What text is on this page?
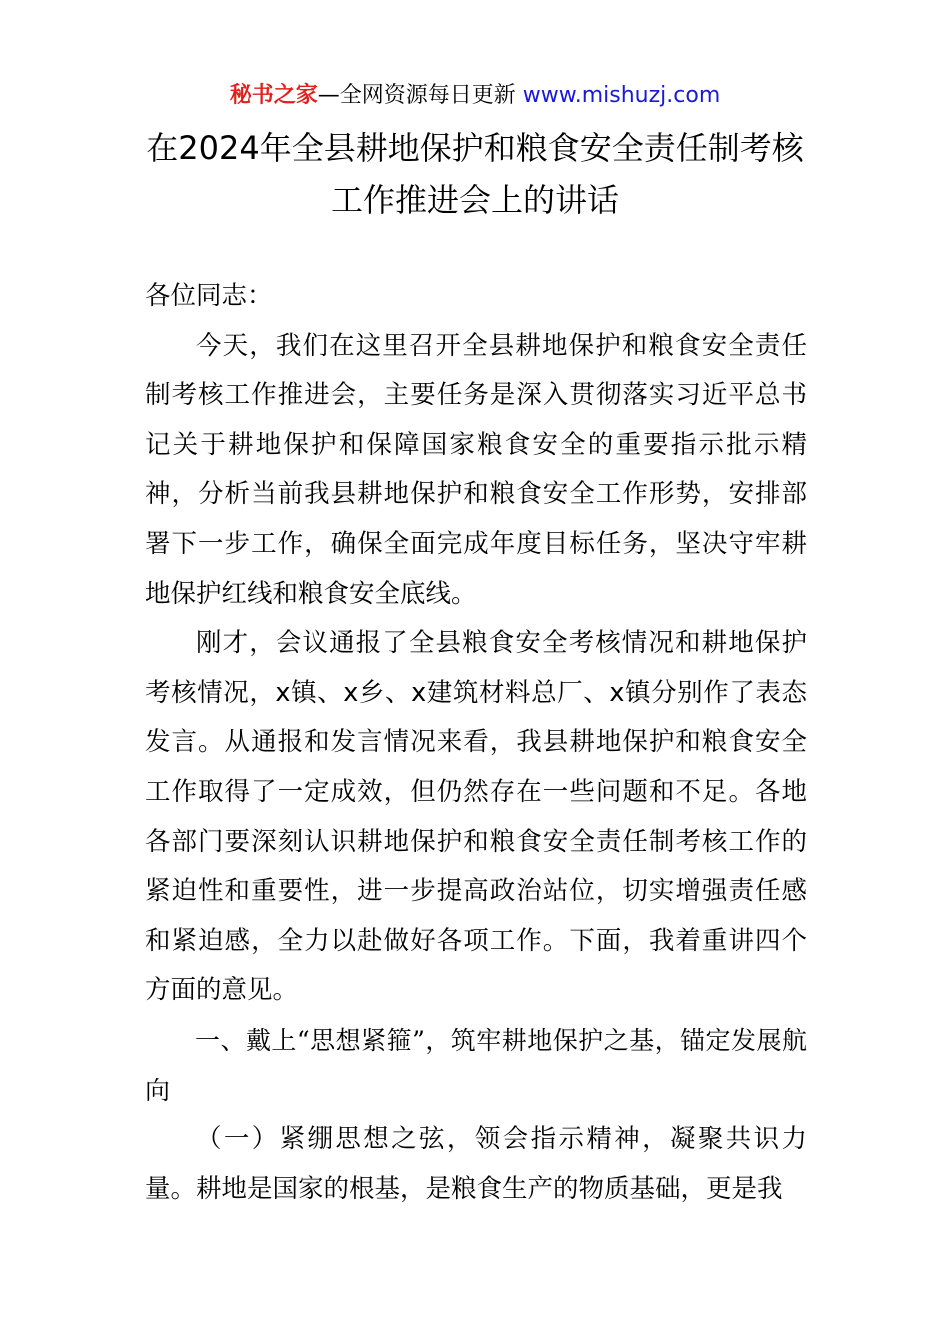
秘书之家—全网资源每日更新 www.mishuzj.com
在2024年全县耕地保护和粮食安全责任制考核
工作推进会上的讲话

各位同志：

今天，我们在这里召开全县耕地保护和粮食安全责任制考核工作推进会，主要任务是深入贯彻落实习近平总书记关于耕地保护和保障国家粮食安全的重要指示批示精神，分析当前我县耕地保护和粮食安全工作形势，安排部署下一步工作，确保全面完成年度目标任务，坚决守牢耕地保护红线和粮食安全底线。

刚才，会议通报了全县粮食安全考核情况和耕地保护考核情况，x镇、x乡、x建筑材料总厂、x镇分别作了表态发言。从通报和发言情况来看，我县耕地保护和粮食安全工作取得了一定成效，但仍然存在一些问题和不足。各地各部门要深刻认识耕地保护和粮食安全责任制考核工作的紧迫性和重要性，进一步提高政治站位，切实增强责任感和紧迫感，全力以赴做好各项工作。下面，我着重讲四个方面的意见。

一、戴上“思想紧箍”，筑牢耕地保护之基，锚定发展航向

（一）紧绷思想之弦，领会指示精神，凝聚共识力量。耕地是国家的根基，是粮食生产的物质基础，更是我
